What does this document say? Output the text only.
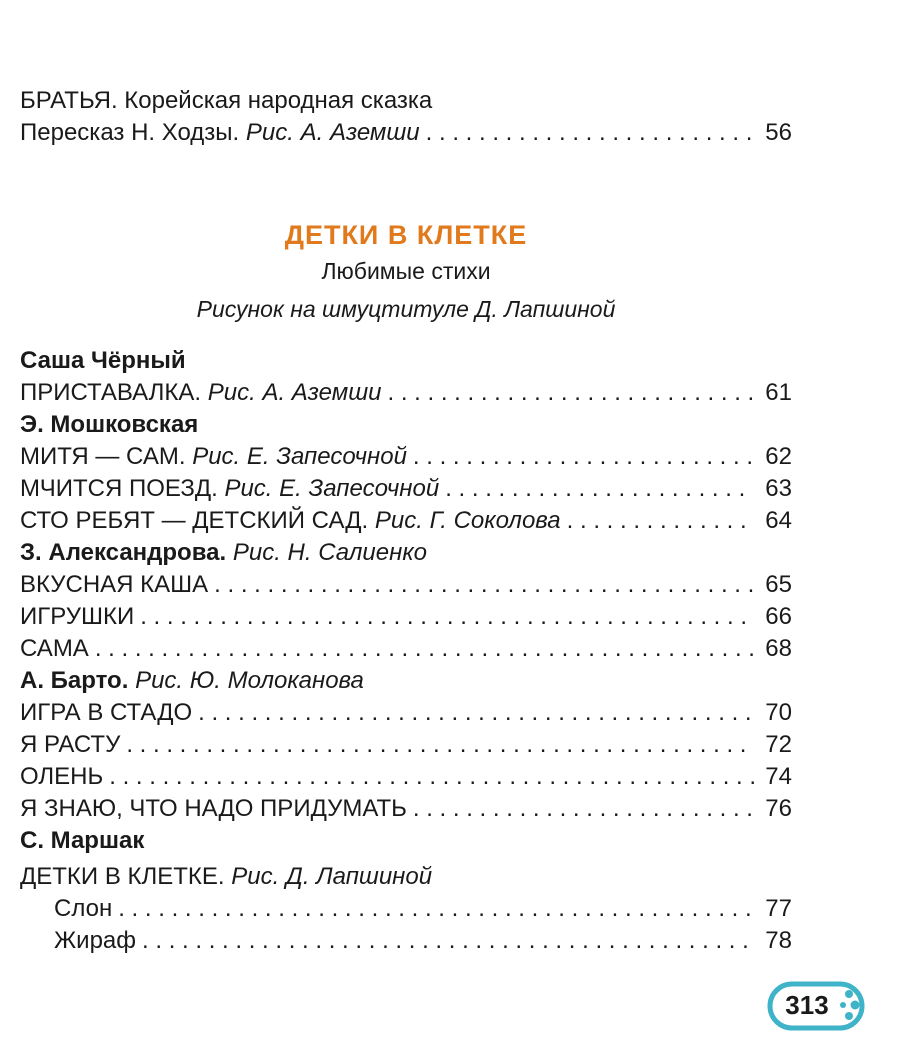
БРАТЬЯ. Корейская народная сказка
Пересказ Н. Ходзы. Рис. А. Аземши . . .	56
ДЕТКИ В КЛЕТКЕ
Любимые стихи
Рисунок на шмуцтитуле Д. Лапшиной
Саша Чёрный
ПРИСТАВАЛКА. Рис. А. Аземши . . .	61
Э. Мошковская
МИТЯ — САМ. Рис. Е. Запесочной . . .	62
МЧИТСЯ ПОЕЗД. Рис. Е. Запесочной . . .	63
СТО РЕБЯТ — ДЕТСКИЙ САД. Рис. Г. Соколова . . .	64
З. Александрова. Рис. Н. Салиенко
ВКУСНАЯ КАША . . .	65
ИГРУШКИ . . .	66
САМА . . .	68
А. Барто. Рис. Ю. Молоканова
ИГРА В СТАДО . . .	70
Я РАСТУ . . .	72
ОЛЕНЬ . . .	74
Я ЗНАЮ, ЧТО НАДО ПРИДУМАТЬ . . .	76
С. Маршак
ДЕТКИ В КЛЕТКЕ. Рис. Д. Лапшиной
Слон . . .	77
Жираф . . .	78
313
